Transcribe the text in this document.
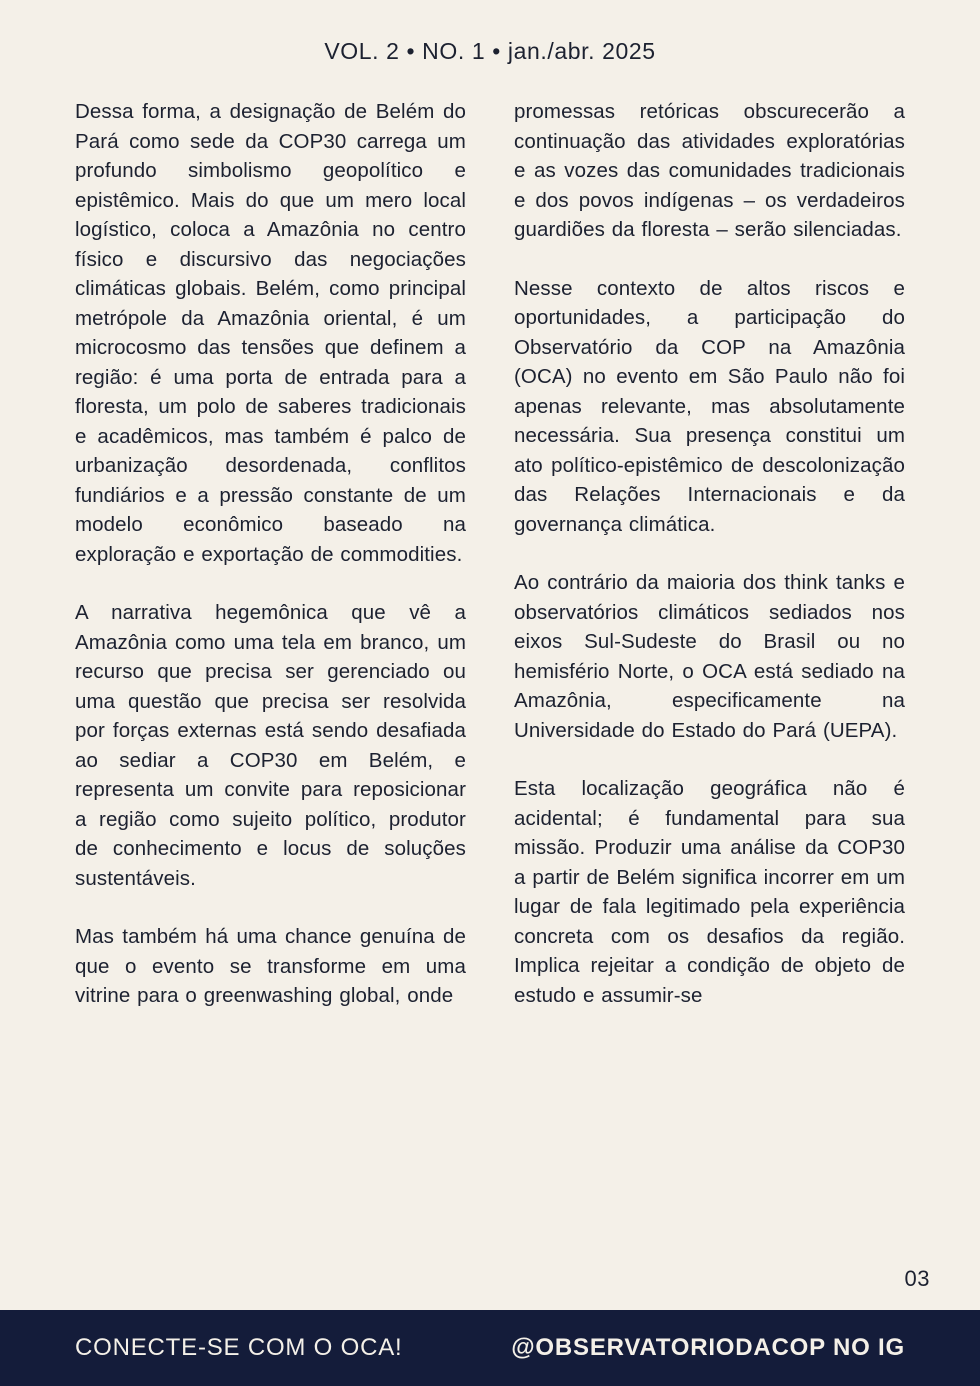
VOL. 2 • NO. 1 • jan./abr. 2025

Dessa forma, a designação de Belém do Pará como sede da COP30 carrega um profundo simbolismo geopolítico e epistêmico. Mais do que um mero local logístico, coloca a Amazônia no centro físico e discursivo das negociações climáticas globais. Belém, como principal metrópole da Amazônia oriental, é um microcosmo das tensões que definem a região: é uma porta de entrada para a floresta, um polo de saberes tradicionais e acadêmicos, mas também é palco de urbanização desordenada, conflitos fundiários e a pressão constante de um modelo econômico baseado na exploração e exportação de commodities.

A narrativa hegemônica que vê a Amazônia como uma tela em branco, um recurso que precisa ser gerenciado ou uma questão que precisa ser resolvida por forças externas está sendo desafiada ao sediar a COP30 em Belém, e representa um convite para reposicionar a região como sujeito político, produtor de conhecimento e locus de soluções sustentáveis.

Mas também há uma chance genuína de que o evento se transforme em uma vitrine para o greenwashing global, onde

promessas retóricas obscurecerão a continuação das atividades exploratórias e as vozes das comunidades tradicionais e dos povos indígenas – os verdadeiros guardiões da floresta – serão silenciadas.

Nesse contexto de altos riscos e oportunidades, a participação do Observatório da COP na Amazônia (OCA) no evento em São Paulo não foi apenas relevante, mas absolutamente necessária. Sua presença constitui um ato político-epistêmico de descolonização das Relações Internacionais e da governança climática.

Ao contrário da maioria dos think tanks e observatórios climáticos sediados nos eixos Sul-Sudeste do Brasil ou no hemisfério Norte, o OCA está sediado na Amazônia, especificamente na Universidade do Estado do Pará (UEPA).

Esta localização geográfica não é acidental; é fundamental para sua missão. Produzir uma análise da COP30 a partir de Belém significa incorrer em um lugar de fala legitimado pela experiência concreta com os desafios da região. Implica rejeitar a condição de objeto de estudo e assumir-se

03
CONECTE-SE COM O OCA!	@OBSERVATORIODACOP NO IG
